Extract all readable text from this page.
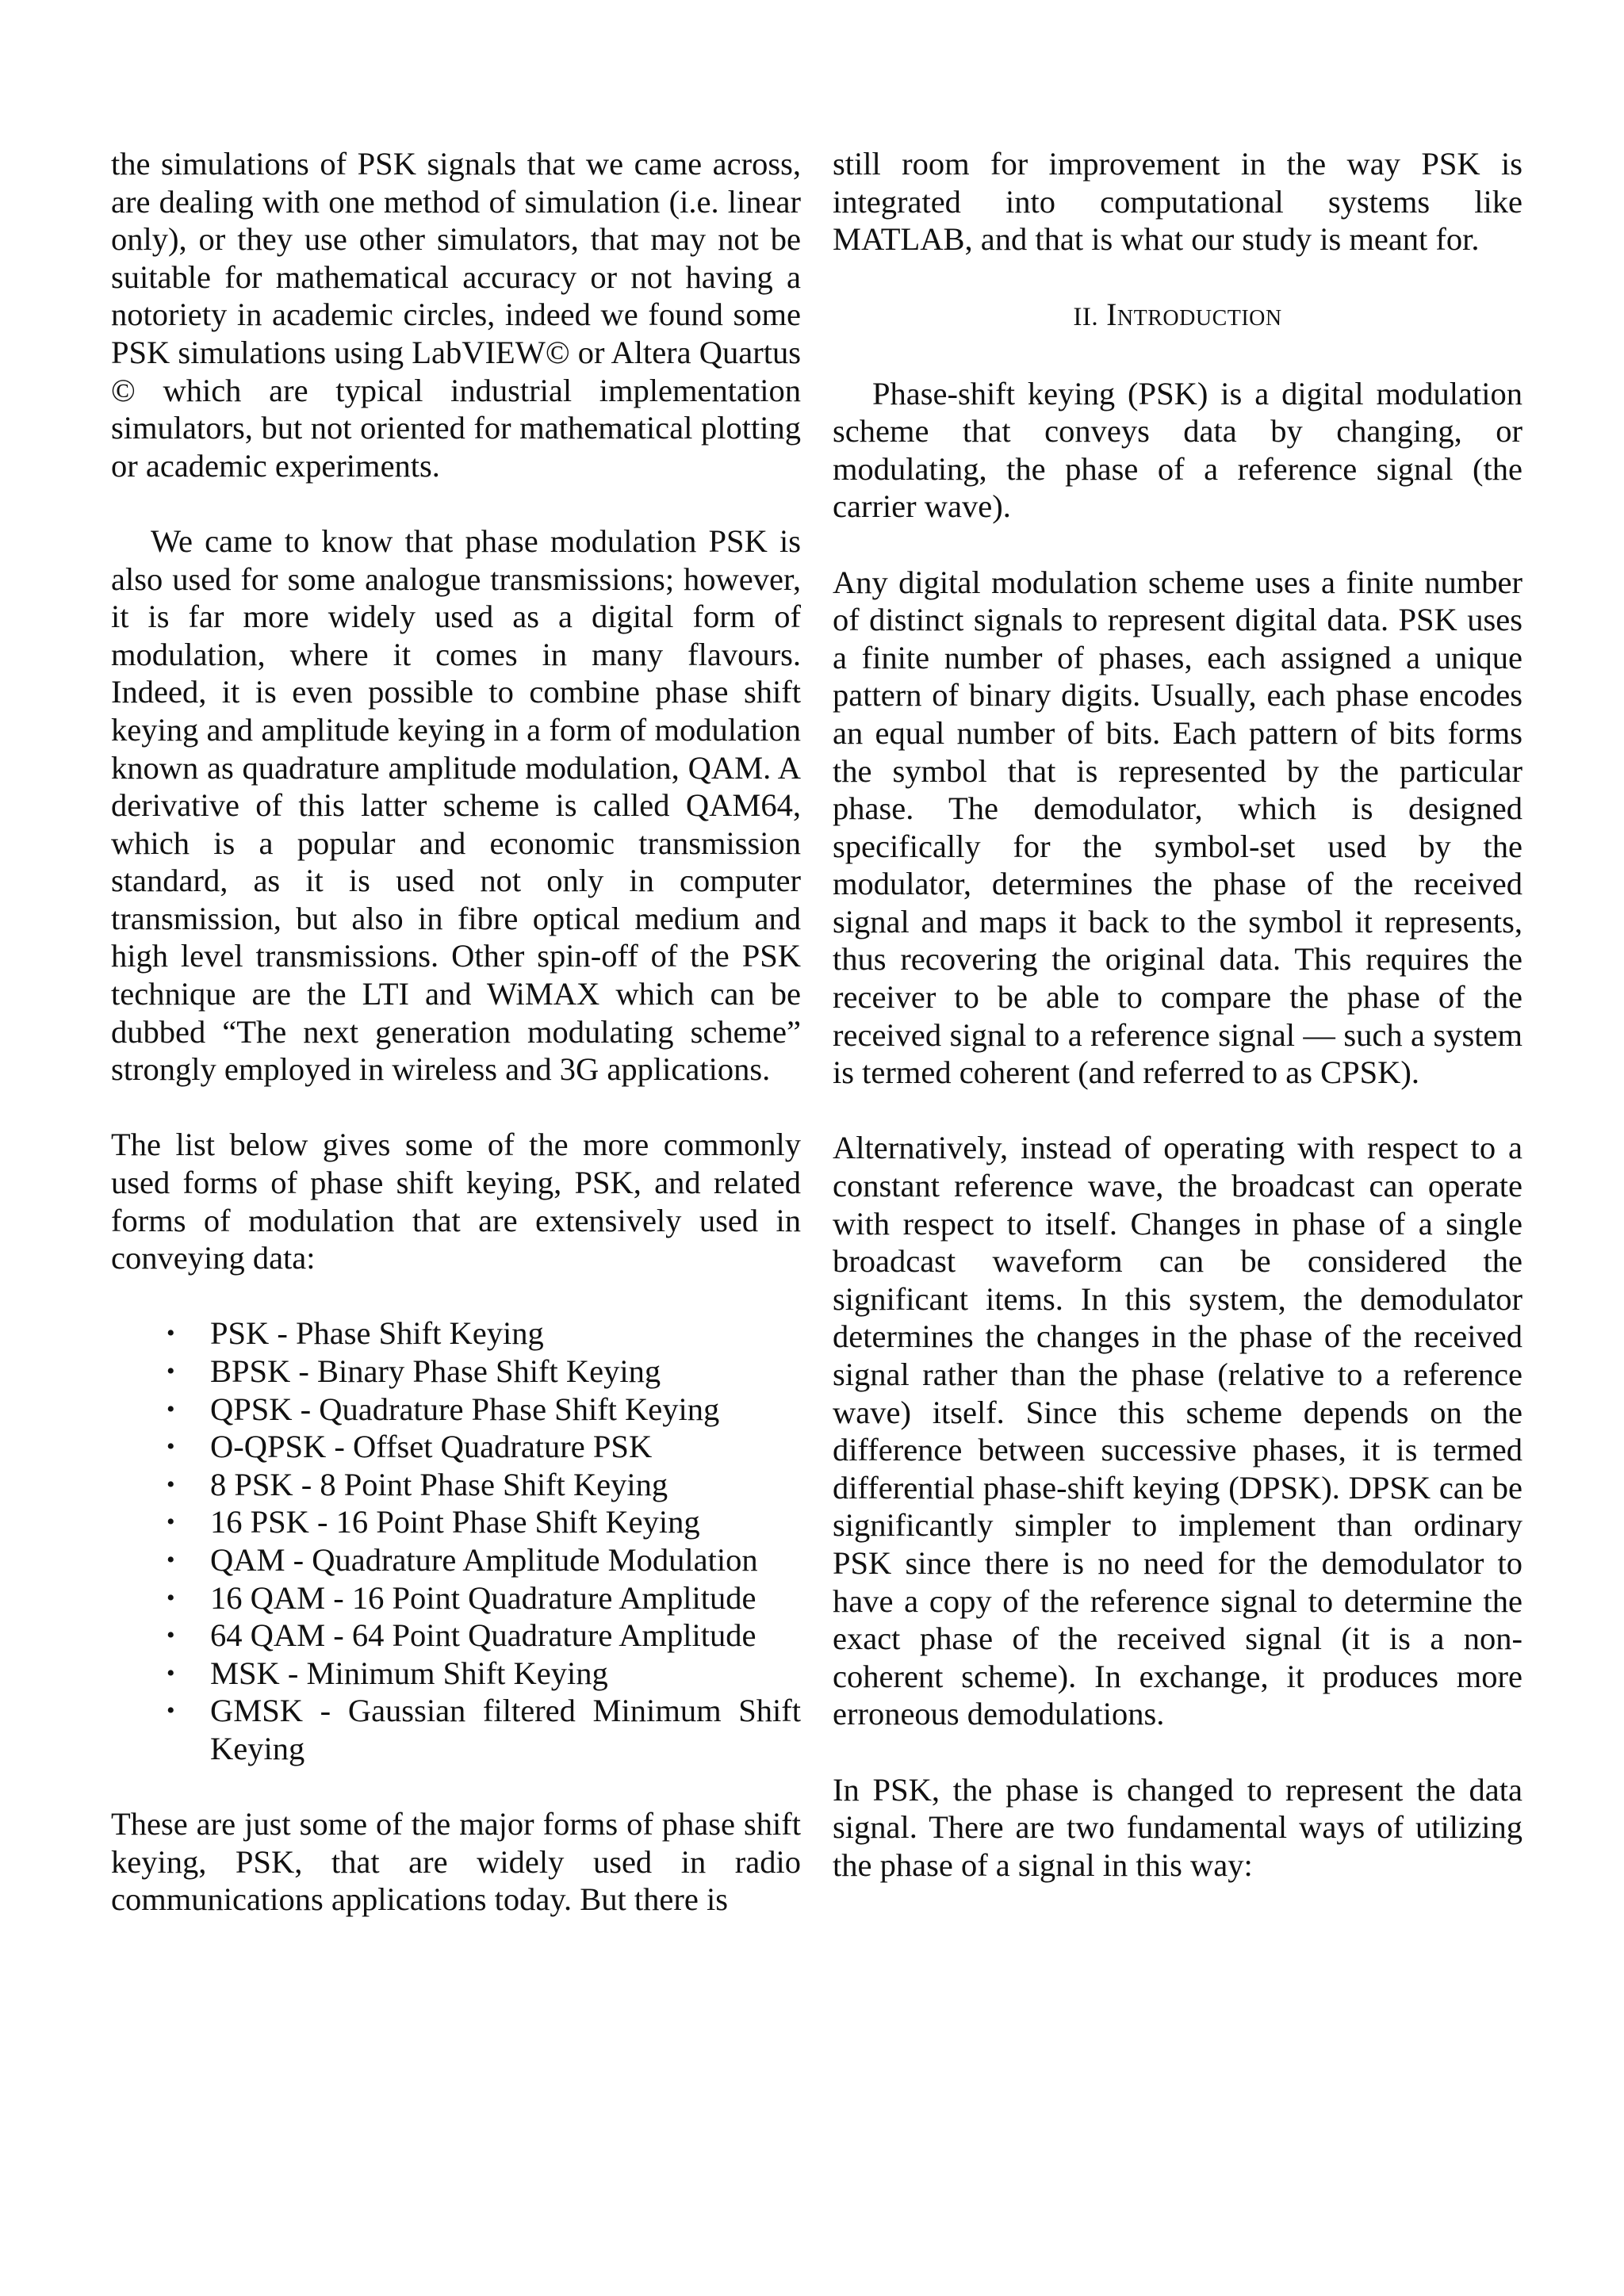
the simulations of PSK signals that we came across, are dealing with one method of simulation (i.e. linear only), or they use other simulators, that may not be suitable for mathematical accuracy or not having a notoriety in academic circles, indeed we found some PSK simulations using LabVIEW© or Altera Quartus © which are typical industrial implementation simulators, but not oriented for mathematical plotting or academic experiments.

We came to know that phase modulation PSK is also used for some analogue transmissions; however, it is far more widely used as a digital form of modulation, where it comes in many flavours. Indeed, it is even possible to combine phase shift keying and amplitude keying in a form of modulation known as quadrature amplitude modulation, QAM. A derivative of this latter scheme is called QAM64, which is a popular and economic transmission standard, as it is used not only in computer transmission, but also in fibre optical medium and high level transmissions. Other spin-off of the PSK technique are the LTI and WiMAX which can be dubbed “The next generation modulating scheme” strongly employed in wireless and 3G applications.

The list below gives some of the more commonly used forms of phase shift keying, PSK, and related forms of modulation that are extensively used in conveying data:

• PSK - Phase Shift Keying
• BPSK - Binary Phase Shift Keying
• QPSK - Quadrature Phase Shift Keying
• O-QPSK - Offset Quadrature PSK
• 8 PSK - 8 Point Phase Shift Keying
• 16 PSK - 16 Point Phase Shift Keying
• QAM - Quadrature Amplitude Modulation
• 16 QAM - 16 Point Quadrature Amplitude
• 64 QAM - 64 Point Quadrature Amplitude
• MSK - Minimum Shift Keying
• GMSK - Gaussian filtered Minimum Shift Keying

These are just some of the major forms of phase shift keying, PSK, that are widely used in radio communications applications today. But there is

still room for improvement in the way PSK is integrated into computational systems like MATLAB, and that is what our study is meant for.

II. Introduction

Phase-shift keying (PSK) is a digital modulation scheme that conveys data by changing, or modulating, the phase of a reference signal (the carrier wave).

Any digital modulation scheme uses a finite number of distinct signals to represent digital data. PSK uses a finite number of phases, each assigned a unique pattern of binary digits. Usually, each phase encodes an equal number of bits. Each pattern of bits forms the symbol that is represented by the particular phase. The demodulator, which is designed specifically for the symbol-set used by the modulator, determines the phase of the received signal and maps it back to the symbol it represents, thus recovering the original data. This requires the receiver to be able to compare the phase of the received signal to a reference signal — such a system is termed coherent (and referred to as CPSK).

Alternatively, instead of operating with respect to a constant reference wave, the broadcast can operate with respect to itself. Changes in phase of a single broadcast waveform can be considered the significant items. In this system, the demodulator determines the changes in the phase of the received signal rather than the phase (relative to a reference wave) itself. Since this scheme depends on the difference between successive phases, it is termed differential phase-shift keying (DPSK). DPSK can be significantly simpler to implement than ordinary PSK since there is no need for the demodulator to have a copy of the reference signal to determine the exact phase of the received signal (it is a non-coherent scheme). In exchange, it produces more erroneous demodulations.

In PSK, the phase is changed to represent the data signal. There are two fundamental ways of utilizing the phase of a signal in this way:
